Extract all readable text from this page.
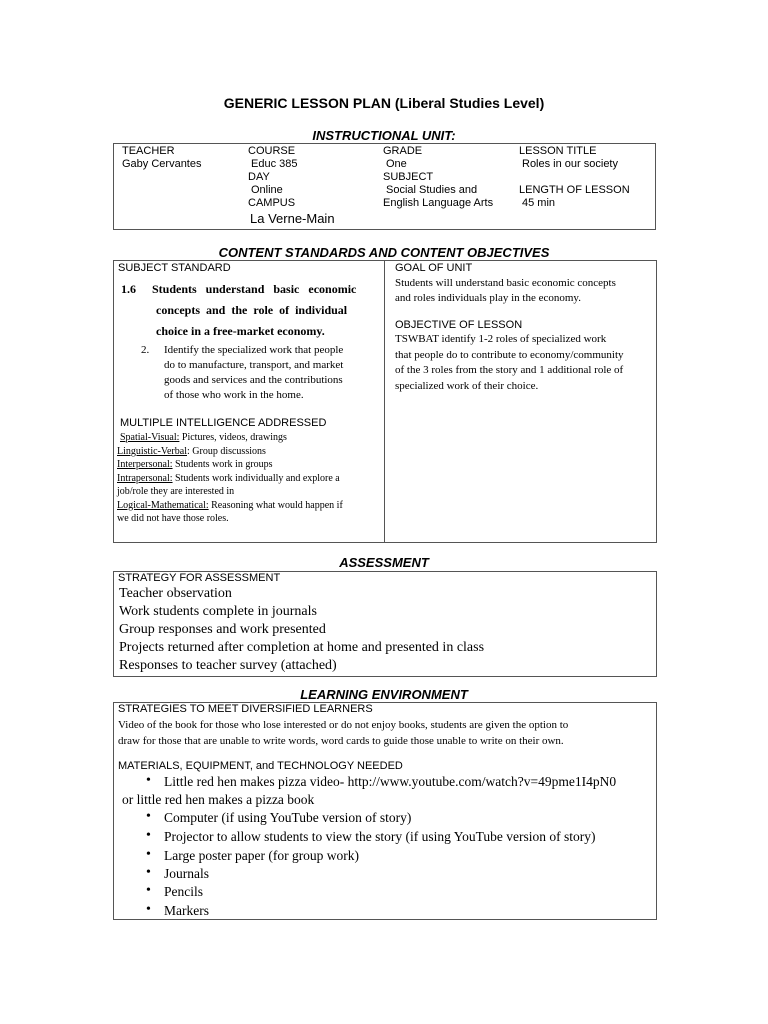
GENERIC LESSON PLAN (Liberal Studies Level)
INSTRUCTIONAL UNIT:
TEACHER
Gaby Cervantes
COURSE
Educ 385
DAY
Online
CAMPUS
La Verne-Main
GRADE
One
SUBJECT
Social Studies and
English Language Arts
LESSON TITLE
Roles in our society
LENGTH OF LESSON
45 min
CONTENT STANDARDS AND CONTENT OBJECTIVES
SUBJECT STANDARD
1.6 Students   understand   basic   economic
concepts  and  the  role  of  individual
choice in a free-market economy.
2. Identify the specialized work that people
do to manufacture, transport, and market
goods and services and the contributions
of those who work in the home.
MULTIPLE INTELLIGENCE ADDRESSED
Spatial-Visual: Pictures, videos, drawings
Linguistic-Verbal: Group discussions
Interpersonal: Students work in groups
Intrapersonal: Students work individually and explore a
job/role they are interested in
Logical-Mathematical: Reasoning what would happen if
we did not have those roles.
GOAL OF UNIT
Students will understand basic economic concepts
and roles individuals play in the economy.
OBJECTIVE OF LESSON
TSWBAT identify 1-2 roles of specialized work
that people do to contribute to economy/community
of the 3 roles from the story and 1 additional role of
specialized work of their choice.
ASSESSMENT
STRATEGY FOR ASSESSMENT
Teacher observation
Work students complete in journals
Group responses and work presented
Projects returned after completion at home and presented in class
Responses to teacher survey (attached)
LEARNING ENVIRONMENT
STRATEGIES TO MEET DIVERSIFIED LEARNERS
Video of the book for those who lose interested or do not enjoy books, students are given the option to
draw for those that are unable to write words, word cards to guide those unable to write on their own.
MATERIALS, EQUIPMENT, and TECHNOLOGY NEEDED
• Little red hen makes pizza video- http://www.youtube.com/watch?v=49pme1I4pN0
or little red hen makes a pizza book
• Computer (if using YouTube version of story)
• Projector to allow students to view the story (if using YouTube version of story)
• Large poster paper (for group work)
• Journals
• Pencils
• Markers
